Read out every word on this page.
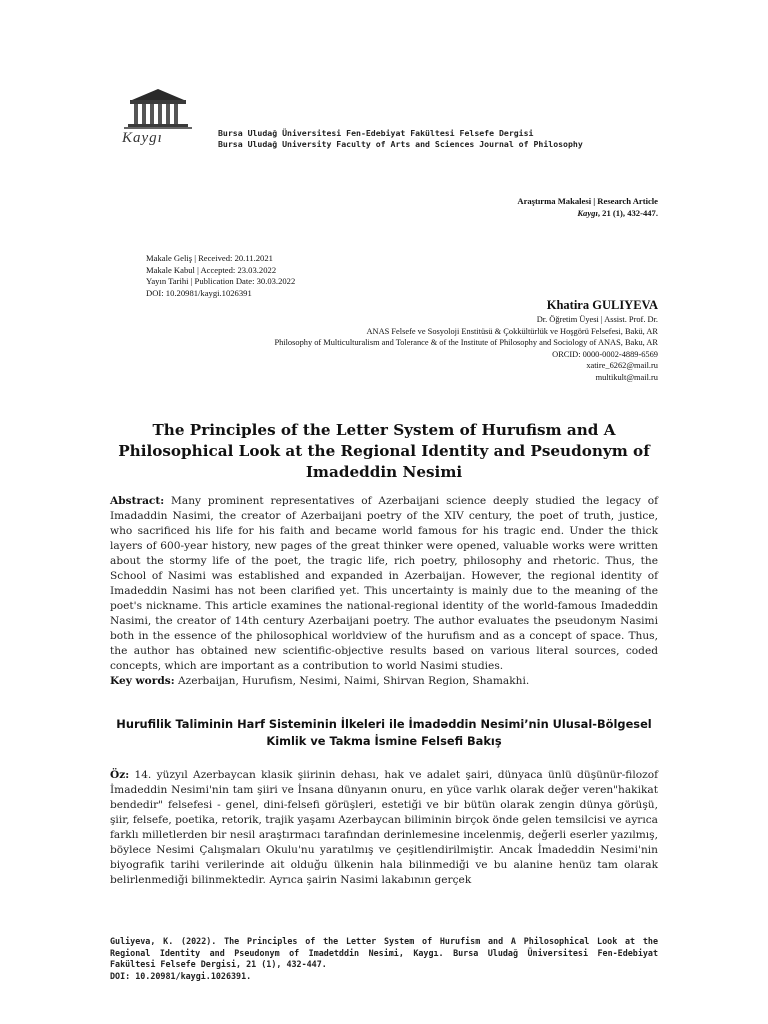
Kaygı	Bursa Uludağ Üniversitesi Fen-Edebiyat Fakültesi Felsefe Dergisi
Bursa Uludağ University Faculty of Arts and Sciences Journal of Philosophy
Araştırma Makalesi | Research Article
Kaygı, 21 (1), 432-447.
Makale Geliş | Received: 20.11.2021
Makale Kabul | Accepted: 23.03.2022
Yayın Tarihi | Publication Date: 30.03.2022
DOI: 10.20981/kaygi.1026391
Khatira GULIYEVA
Dr. Öğretim Üyesi | Assist. Prof. Dr.
ANAS Felsefe ve Sosyoloji Enstitüsü & Çokkültürlük ve Hoşgörü Felsefesi, Bakü, AR
Philosophy of Multiculturalism and Tolerance & of the Institute of Philosophy and Sociology of ANAS, Baku, AR
ORCID: 0000-0002-4889-6569
xatire_6262@mail.ru
multikult@mail.ru
The Principles of the Letter System of Hurufism and A Philosophical Look at the Regional Identity and Pseudonym of Imadeddin Nesimi
Abstract: Many prominent representatives of Azerbaijani science deeply studied the legacy of Imadaddin Nasimi, the creator of Azerbaijani poetry of the XIV century, the poet of truth, justice, who sacrificed his life for his faith and became world famous for his tragic end. Under the thick layers of 600-year history, new pages of the great thinker were opened, valuable works were written about the stormy life of the poet, the tragic life, rich poetry, philosophy and rhetoric. Thus, the School of Nasimi was established and expanded in Azerbaijan. However, the regional identity of Imadeddin Nasimi has not been clarified yet. This uncertainty is mainly due to the meaning of the poet's nickname. This article examines the national-regional identity of the world-famous Imadeddin Nasimi, the creator of 14th century Azerbaijani poetry. The author evaluates the pseudonym Nasimi both in the essence of the philosophical worldview of the hurufism and as a concept of space. Thus, the author has obtained new scientific-objective results based on various literal sources, coded concepts, which are important as a contribution to world Nasimi studies.
Key words: Azerbaijan, Hurufism, Nesimi, Naimi, Shirvan Region, Shamakhi.
Hurufilik Taliminin Harf Sisteminin İlkeleri ile İmadəddin Nesimi’nin Ulusal-Bölgesel Kimlik ve Takma İsmine Felsefi Bakış
Öz: 14. yüzyıl Azerbaycan klasik şiirinin dehası, hak ve adalet şairi, dünyaca ünlü düşünür-filozof İmadeddin Nesimi'nin tam şiiri ve İnsana dünyanın onuru, en yüce varlık olarak değer veren"hakikat bendedir" felsefesi - genel, dini-felsefi görüşleri, estetiği ve bir bütün olarak zengin dünya görüşü, şiir, felsefe, poetika, retorik, trajik yaşamı Azerbaycan biliminin birçok önde gelen temsilcisi ve ayrıca farklı milletlerden bir nesil araştırmacı tarafından derinlemesine incelenmiş, değerli eserler yazılmış, böylece Nesimi Çalışmaları Okulu'nu yaratılmış ve çeşitlendirilmiştir. Ancak İmadeddin Nesimi'nin biyografik tarihi verilerinde ait olduğu ülkenin hala bilinmediği ve bu alanine henüz tam olarak belirlenmediği bilinmektedir. Ayrıca şairin Nasimi lakabının gerçek
Guliyeva, K. (2022). The Principles of the Letter System of Hurufism and A Philosophical Look at the Regional Identity and Pseudonym of Imadetddin Nesimi, Kaygı. Bursa Uludağ Üniversitesi Fen-Edebiyat Fakültesi Felsefe Dergisi, 21 (1), 432-447.
DOI: 10.20981/kaygi.1026391.
